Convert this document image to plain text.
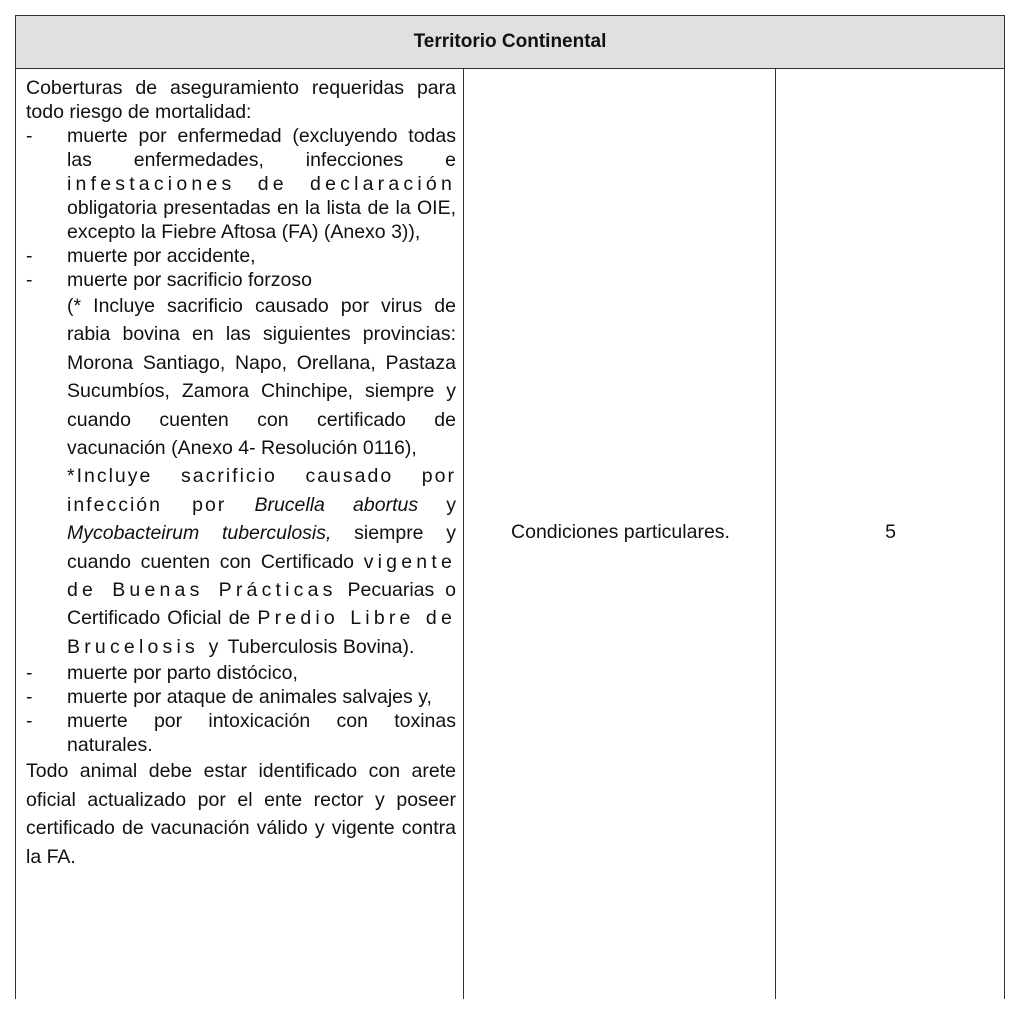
Territorio Continental

Coberturas de aseguramiento requeridas para todo riesgo de mortalidad:

- muerte por enfermedad (excluyendo todas las enfermedades, infecciones e infestaciones de declaración obligatoria presentadas en la lista de la OIE, excepto la Fiebre Aftosa (FA) (Anexo 3)),
- muerte por accidente,
- muerte por sacrificio forzoso
(* Incluye sacrificio causado por virus de rabia bovina en las siguientes provincias: Morona Santiago, Napo, Orellana, Pastaza Sucumbíos, Zamora Chinchipe, siempre y cuando cuenten con certificado de vacunación (Anexo 4- Resolución 0116),
*Incluye sacrificio causado por infección por Brucella abortus y Mycobacteirum tuberculosis, siempre y cuando cuenten con Certificado vigente de Buenas Prácticas Pecuarias o Certificado Oficial de Predio Libre de Brucelosis y Tuberculosis Bovina).
- muerte por parto distócico,
- muerte por ataque de animales salvajes y,
- muerte por intoxicación con toxinas naturales.

Todo animal debe estar identificado con arete oficial actualizado por el ente rector y poseer certificado de vacunación válido y vigente contra la FA.

Condiciones particulares.	5
